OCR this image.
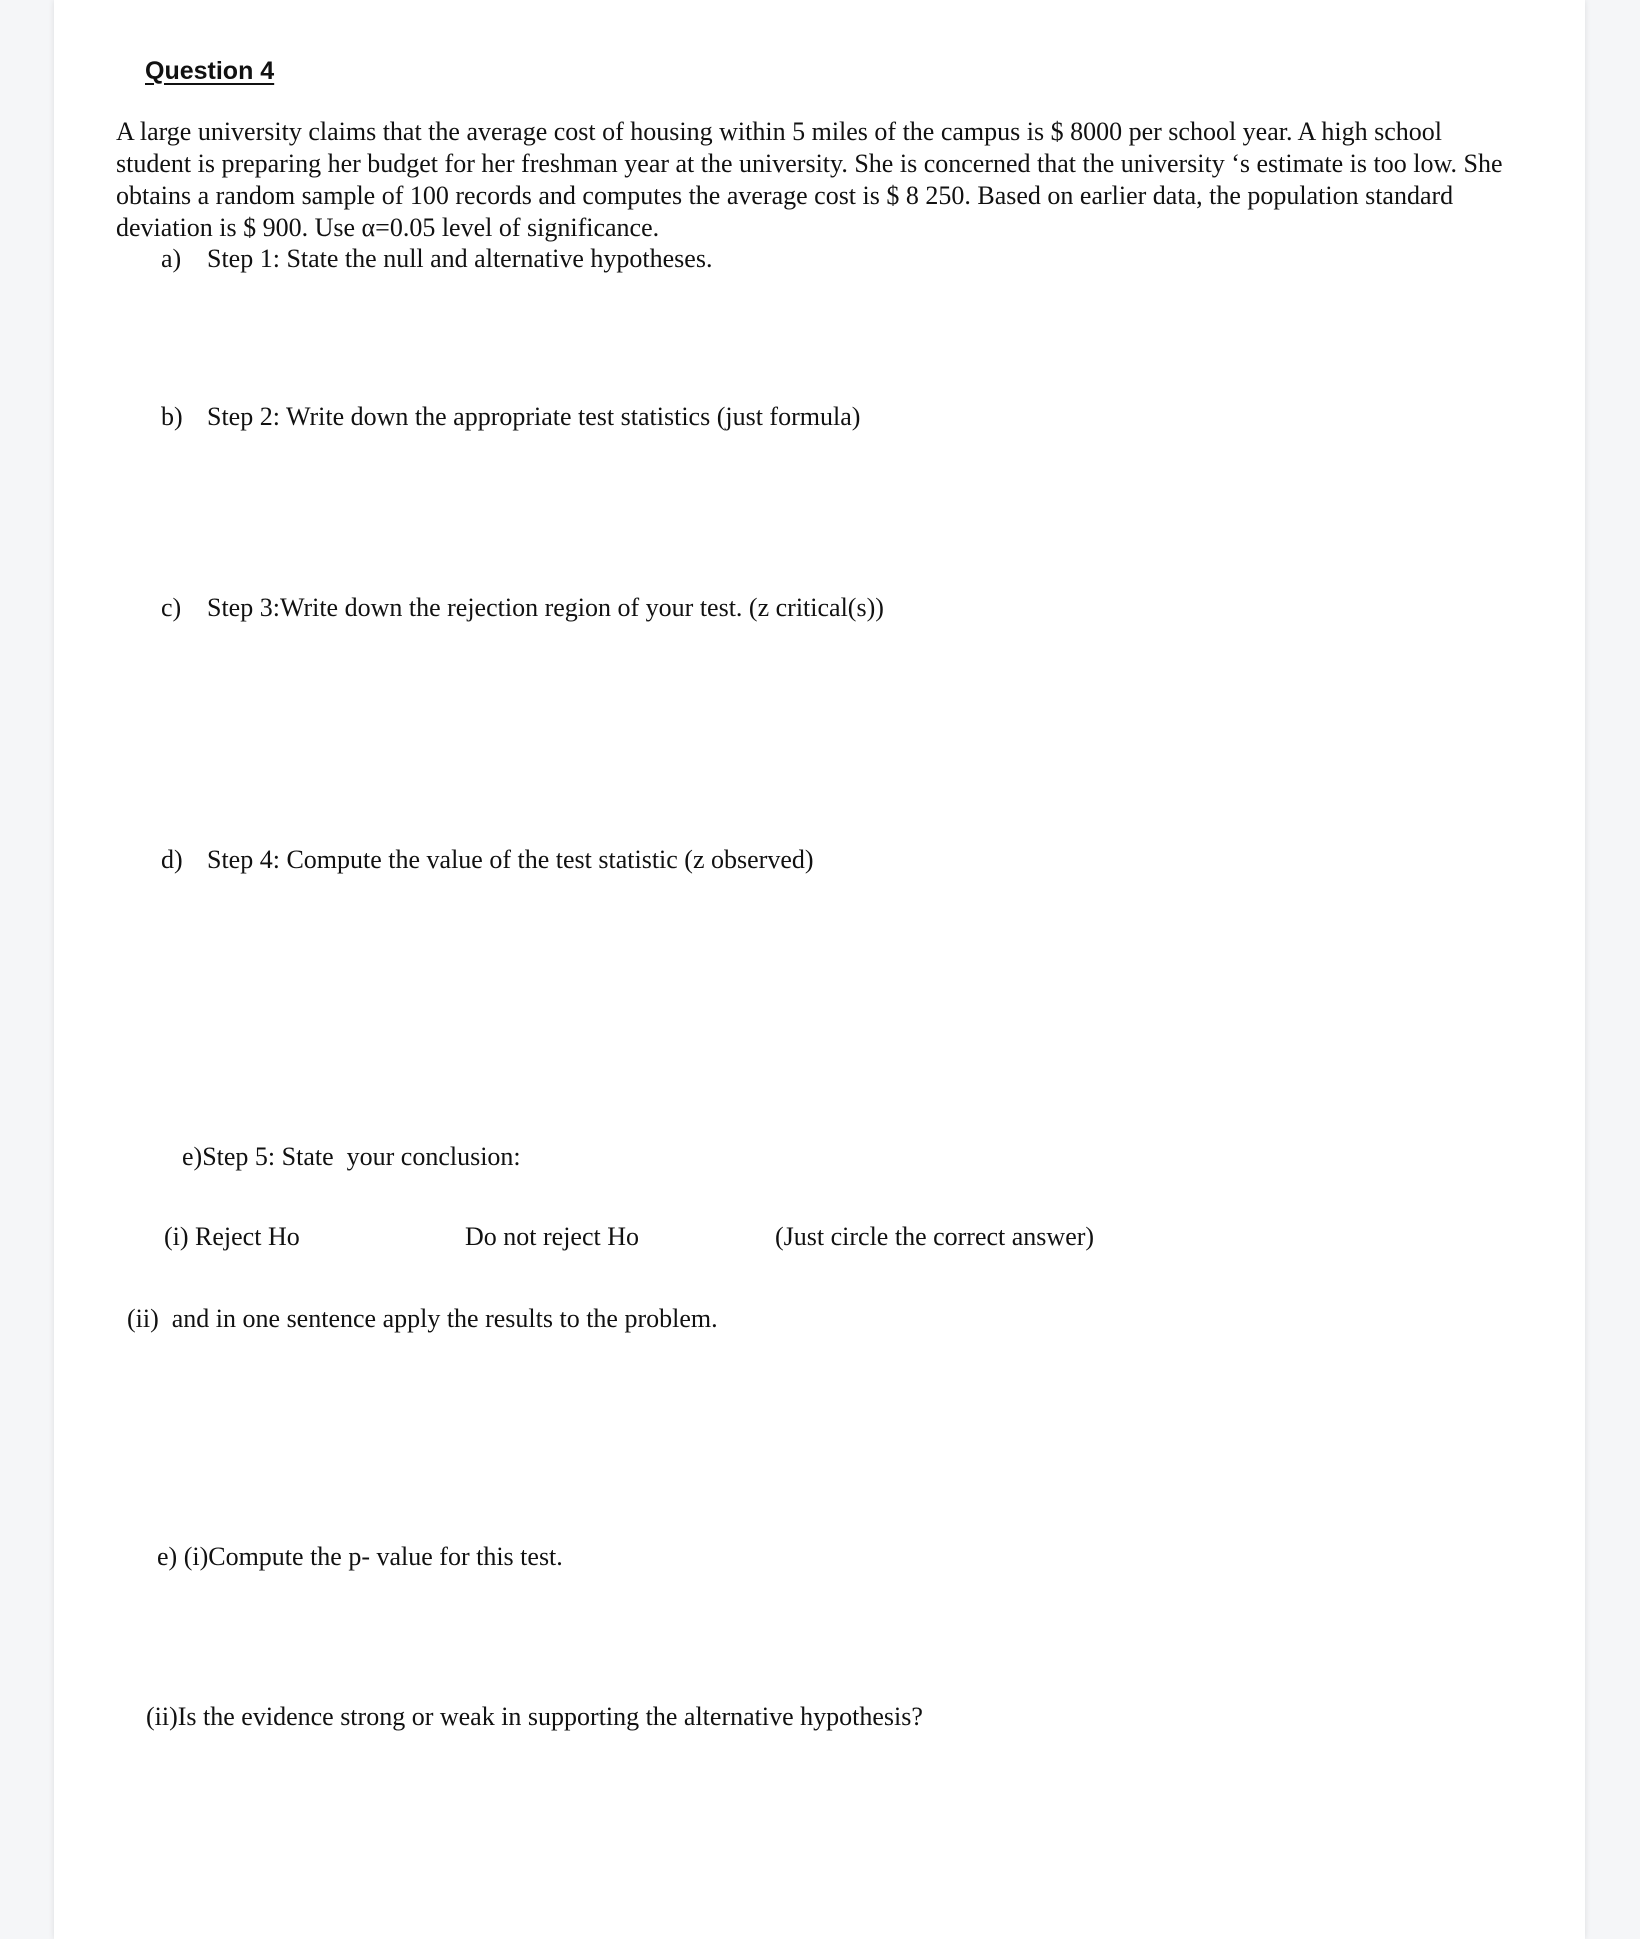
Question 4

A large university claims that the average cost of housing within 5 miles of the campus is $ 8000 per school year. A high school student is preparing her budget for her freshman year at the university. She is concerned that the university ‘s estimate is too low. She obtains a random sample of 100 records and computes the average cost is $ 8 250. Based on earlier data, the population standard deviation is $ 900. Use α=0.05 level of significance.

a) Step 1: State the null and alternative hypotheses.

b) Step 2: Write down the appropriate test statistics (just formula)

c) Step 3:Write down the rejection region of your test. (z critical(s))

d) Step 4: Compute the value of the test statistic (z observed)

e)Step 5: State  your conclusion:

(i) Reject Ho	Do not reject Ho	(Just circle the correct answer)

(ii)  and in one sentence apply the results to the problem.

e) (i)Compute the p- value for this test.

(ii)Is the evidence strong or weak in supporting the alternative hypothesis?
